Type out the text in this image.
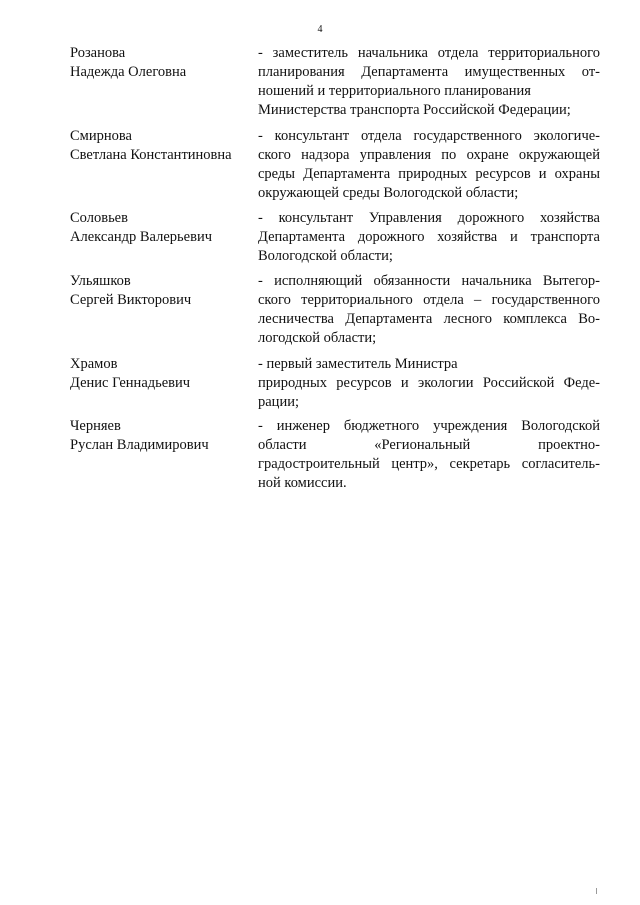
4
Розанова
Надежда Олеговна
- заместитель начальника отдела территориального
планирования Департамента имущественных от-
ношений и территориального планирования
Министерства транспорта Российской Федерации;
Смирнова
Светлана Константиновна
- консультант отдела государственного экологиче-
ского надзора управления по охране окружающей
среды Департамента природных ресурсов и охраны
окружающей среды Вологодской области;
Соловьев
Александр Валерьевич
- консультант Управления дорожного хозяйства
Департамента дорожного хозяйства и транспорта
Вологодской области;
Ульяшков
Сергей Викторович
- исполняющий обязанности начальника Вытегор-
ского территориального отдела – государственного
лесничества Департамента лесного комплекса Во-
логодской области;
Храмов
Денис Геннадьевич
- первый заместитель Министра
природных ресурсов и экологии Российской Феде-
рации;
Черняев
Руслан Владимирович
- инженер бюджетного учреждения Вологодской
области «Региональный проектно-
градостроительный центр», секретарь согласитель-
ной комиссии.
